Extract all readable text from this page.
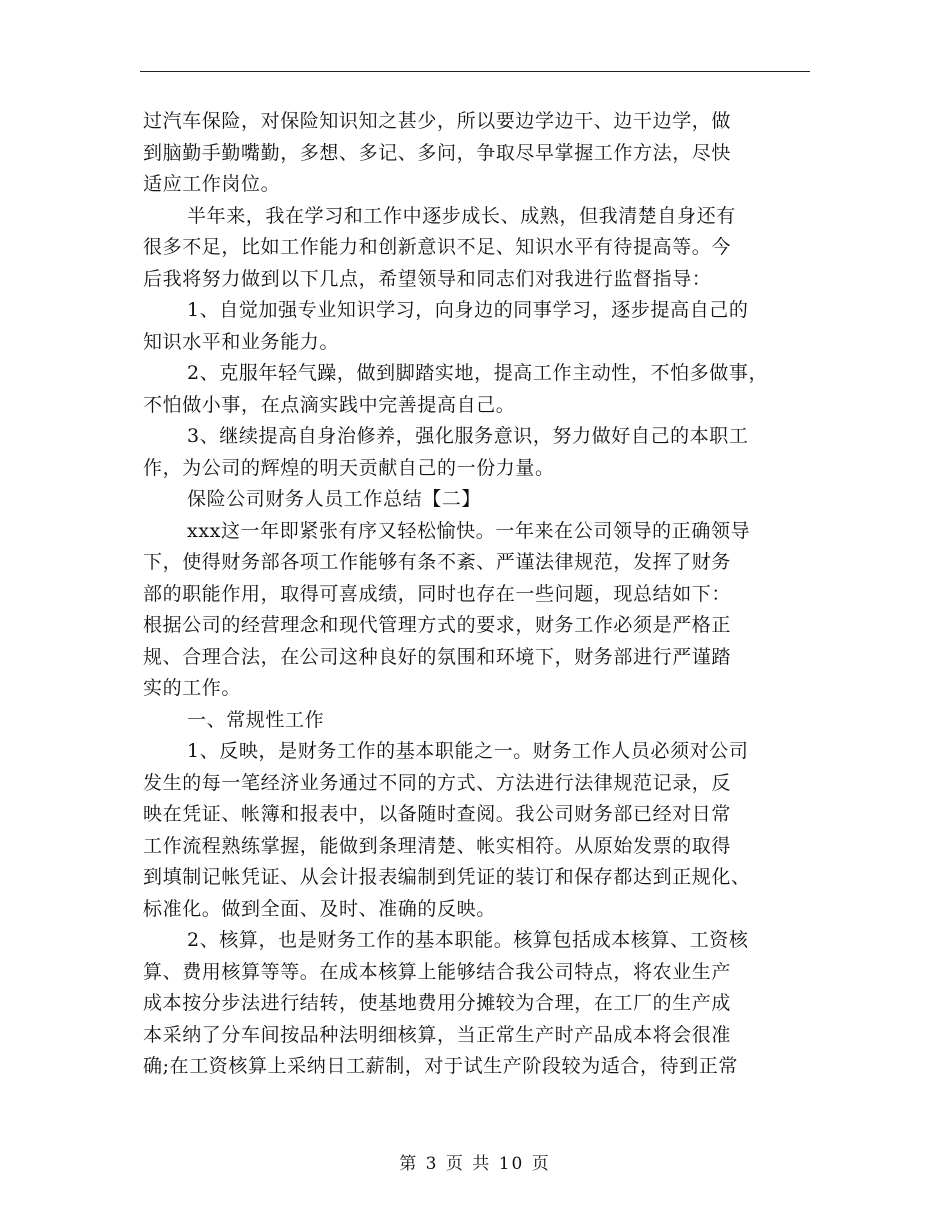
过汽车保险，对保险知识知之甚少，所以要边学边干、边干边学，做
到脑勤手勤嘴勤，多想、多记、多问，争取尽早掌握工作方法，尽快
适应工作岗位。
半年来，我在学习和工作中逐步成长、成熟，但我清楚自身还有
很多不足，比如工作能力和创新意识不足、知识水平有待提高等。今
后我将努力做到以下几点，希望领导和同志们对我进行监督指导：
1、自觉加强专业知识学习，向身边的同事学习，逐步提高自己的
知识水平和业务能力。
2、克服年轻气躁，做到脚踏实地，提高工作主动性，不怕多做事，
不怕做小事，在点滴实践中完善提高自己。
3、继续提高自身治修养，强化服务意识，努力做好自己的本职工
作，为公司的辉煌的明天贡献自己的一份力量。
保险公司财务人员工作总结【二】
xxx这一年即紧张有序又轻松愉快。一年来在公司领导的正确领导
下，使得财务部各项工作能够有条不紊、严谨法律规范，发挥了财务
部的职能作用，取得可喜成绩，同时也存在一些问题，现总结如下：
根据公司的经营理念和现代管理方式的要求，财务工作必须是严格正
规、合理合法，在公司这种良好的氛围和环境下，财务部进行严谨踏
实的工作。
一、常规性工作
1、反映，是财务工作的基本职能之一。财务工作人员必须对公司
发生的每一笔经济业务通过不同的方式、方法进行法律规范记录，反
映在凭证、帐簿和报表中，以备随时查阅。我公司财务部已经对日常
工作流程熟练掌握，能做到条理清楚、帐实相符。从原始发票的取得
到填制记帐凭证、从会计报表编制到凭证的装订和保存都达到正规化、
标准化。做到全面、及时、准确的反映。
2、核算，也是财务工作的基本职能。核算包括成本核算、工资核
算、费用核算等等。在成本核算上能够结合我公司特点，将农业生产
成本按分步法进行结转，使基地费用分摊较为合理，在工厂的生产成
本采纳了分车间按品种法明细核算，当正常生产时产品成本将会很准
确;在工资核算上采纳日工薪制，对于试生产阶段较为适合，待到正常
第 3 页 共 10 页
